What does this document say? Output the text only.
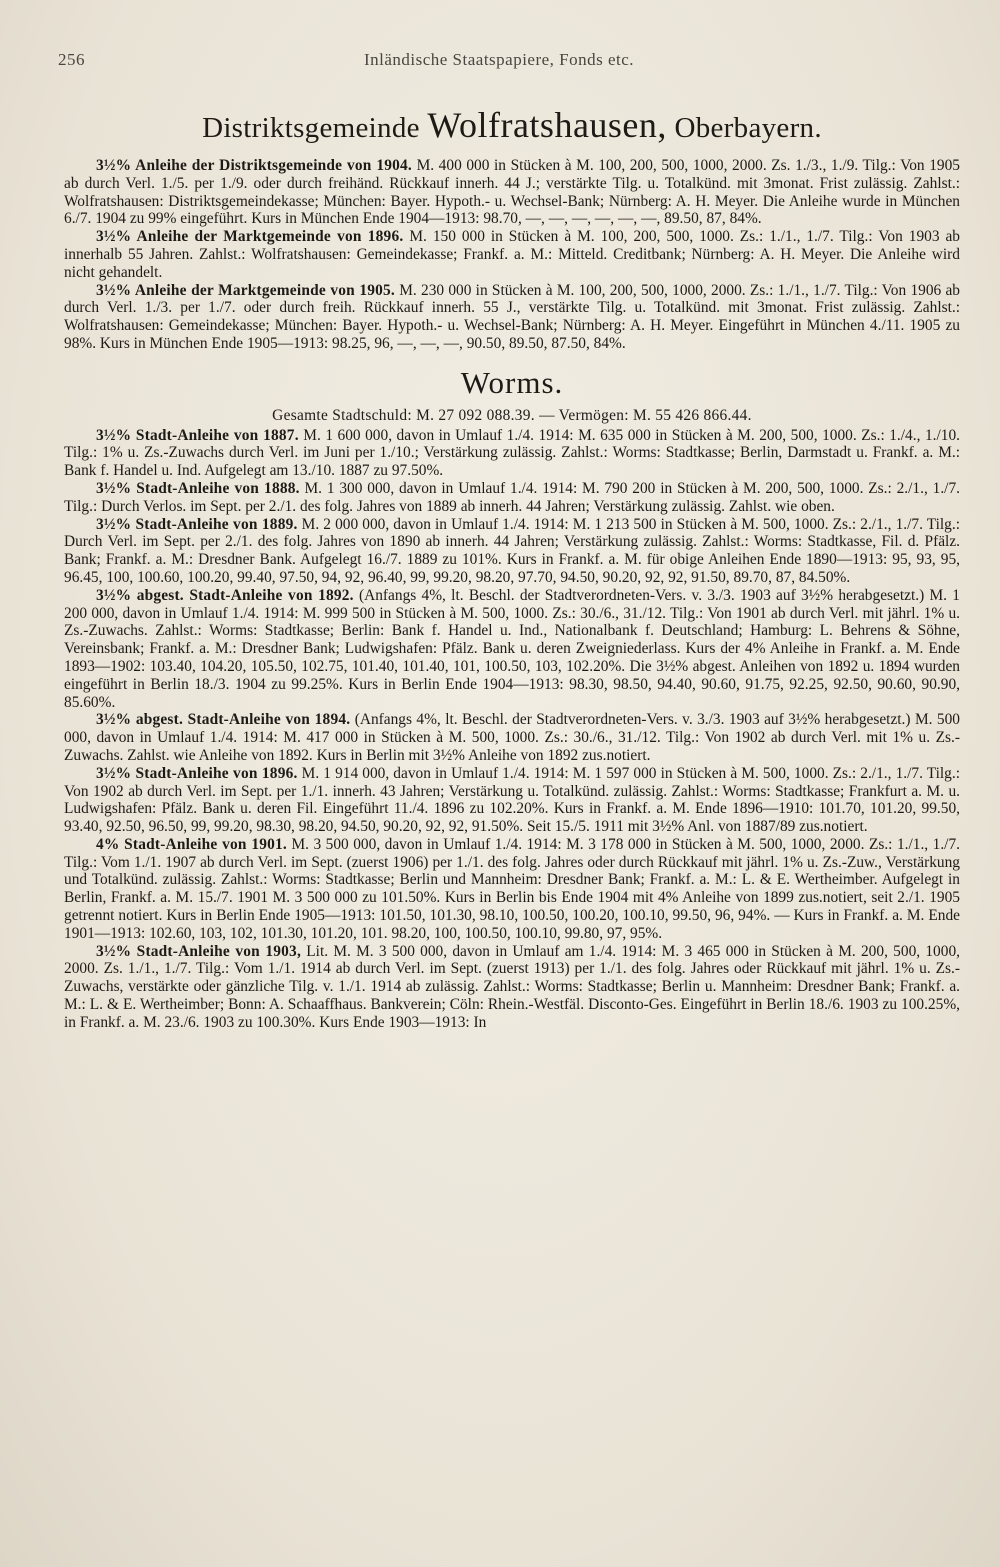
256	Inländische Staatspapiere, Fonds etc.
Distriktsgemeinde Wolfratshausen, Oberbayern.

3½% Anleihe der Distriktsgemeinde von 1904. M. 400 000 in Stücken à M. 100, 200, 500, 1000, 2000. Zs. 1./3., 1./9. Tilg.: Von 1905 ab durch Verl. 1./5. per 1./9. oder durch freihänd. Rückkauf innerh. 44 J.; verstärkte Tilg. u. Totalkünd. mit 3monat. Frist zulässig. Zahlst.: Wolfratshausen: Distriktsgemeindekasse; München: Bayer. Hypoth.- u. Wechsel-Bank; Nürnberg: A. H. Meyer. Die Anleihe wurde in München 6./7. 1904 zu 99% eingeführt. Kurs in München Ende 1904—1913: 98.70, —, —, —, —, —, —, 89.50, 87, 84%.

3½% Anleihe der Marktgemeinde von 1896. M. 150 000 in Stücken à M. 100, 200, 500, 1000. Zs.: 1./1., 1./7. Tilg.: Von 1903 ab innerhalb 55 Jahren. Zahlst.: Wolfratshausen: Gemeindekasse; Frankf. a. M.: Mitteld. Creditbank; Nürnberg: A. H. Meyer. Die Anleihe wird nicht gehandelt.

3½% Anleihe der Marktgemeinde von 1905. M. 230 000 in Stücken à M. 100, 200, 500, 1000, 2000. Zs.: 1./1., 1./7. Tilg.: Von 1906 ab durch Verl. 1./3. per 1./7. oder durch freih. Rückkauf innerh. 55 J., verstärkte Tilg. u. Totalkünd. mit 3monat. Frist zulässig. Zahlst.: Wolfratshausen: Gemeindekasse; München: Bayer. Hypoth.- u. Wechsel-Bank; Nürnberg: A. H. Meyer. Eingeführt in München 4./11. 1905 zu 98%. Kurs in München Ende 1905—1913: 98.25, 96, —, —, —, 90.50, 89.50, 87.50, 84%.

Worms.
Gesamte Stadtschuld: M. 27 092 088.39. — Vermögen: M. 55 426 866.44.

3½% Stadt-Anleihe von 1887. M. 1 600 000, davon in Umlauf 1./4. 1914: M. 635 000 in Stücken à M. 200, 500, 1000. Zs.: 1./4., 1./10. Tilg.: 1% u. Zs.-Zuwachs durch Verl. im Juni per 1./10.; Verstärkung zulässig. Zahlst.: Worms: Stadtkasse; Berlin, Darmstadt u. Frankf. a. M.: Bank f. Handel u. Ind. Aufgelegt am 13./10. 1887 zu 97.50%.

3½% Stadt-Anleihe von 1888. M. 1 300 000, davon in Umlauf 1./4. 1914: M. 790 200 in Stücken à M. 200, 500, 1000. Zs.: 2./1., 1./7. Tilg.: Durch Verlos. im Sept. per 2./1. des folg. Jahres von 1889 ab innerh. 44 Jahren; Verstärkung zulässig. Zahlst. wie oben.

3½% Stadt-Anleihe von 1889. M. 2 000 000, davon in Umlauf 1./4. 1914: M. 1 213 500 in Stücken à M. 500, 1000. Zs.: 2./1., 1./7. Tilg.: Durch Verl. im Sept. per 2./1. des folg. Jahres von 1890 ab innerh. 44 Jahren; Verstärkung zulässig. Zahlst.: Worms: Stadtkasse, Fil. d. Pfälz. Bank; Frankf. a. M.: Dresdner Bank. Aufgelegt 16./7. 1889 zu 101%. Kurs in Frankf. a. M. für obige Anleihen Ende 1890—1913: 95, 93, 95, 96.45, 100, 100.60, 100.20, 99.40, 97.50, 94, 92, 96.40, 99, 99.20, 98.20, 97.70, 94.50, 90.20, 92, 92, 91.50, 89.70, 87, 84.50%.

3½% abgest. Stadt-Anleihe von 1892. (Anfangs 4%, lt. Beschl. der Stadtverordneten-Vers. v. 3./3. 1903 auf 3½% herabgesetzt.) M. 1 200 000, davon in Umlauf 1./4. 1914: M. 999 500 in Stücken à M. 500, 1000. Zs.: 30./6., 31./12. Tilg.: Von 1901 ab durch Verl. mit jährl. 1% u. Zs.-Zuwachs. Zahlst.: Worms: Stadtkasse; Berlin: Bank f. Handel u. Ind., Nationalbank f. Deutschland; Hamburg: L. Behrens & Söhne, Vereinsbank; Frankf. a. M.: Dresdner Bank; Ludwigshafen: Pfälz. Bank u. deren Zweigniederlass. Kurs der 4% Anleihe in Frankf. a. M. Ende 1893—1902: 103.40, 104.20, 105.50, 102.75, 101.40, 101.40, 101, 100.50, 103, 102.20%. Die 3½% abgest. Anleihen von 1892 u. 1894 wurden eingeführt in Berlin 18./3. 1904 zu 99.25%. Kurs in Berlin Ende 1904—1913: 98.30, 98.50, 94.40, 90.60, 91.75, 92.25, 92.50, 90.60, 90.90, 85.60%.

3½% abgest. Stadt-Anleihe von 1894. (Anfangs 4%, lt. Beschl. der Stadtverordneten-Vers. v. 3./3. 1903 auf 3½% herabgesetzt.) M. 500 000, davon in Umlauf 1./4. 1914: M. 417 000 in Stücken à M. 500, 1000. Zs.: 30./6., 31./12. Tilg.: Von 1902 ab durch Verl. mit 1% u. Zs.-Zuwachs. Zahlst. wie Anleihe von 1892. Kurs in Berlin mit 3½% Anleihe von 1892 zus.notiert.

3½% Stadt-Anleihe von 1896. M. 1 914 000, davon in Umlauf 1./4. 1914: M. 1 597 000 in Stücken à M. 500, 1000. Zs.: 2./1., 1./7. Tilg.: Von 1902 ab durch Verl. im Sept. per 1./1. innerh. 43 Jahren; Verstärkung u. Totalkünd. zulässig. Zahlst.: Worms: Stadtkasse; Frankfurt a. M. u. Ludwigshafen: Pfälz. Bank u. deren Fil. Eingeführt 11./4. 1896 zu 102.20%. Kurs in Frankf. a. M. Ende 1896—1910: 101.70, 101.20, 99.50, 93.40, 92.50, 96.50, 99, 99.20, 98.30, 98.20, 94.50, 90.20, 92, 92, 91.50%. Seit 15./5. 1911 mit 3½% Anl. von 1887/89 zus.notiert.

4% Stadt-Anleihe von 1901. M. 3 500 000, davon in Umlauf 1./4. 1914: M. 3 178 000 in Stücken à M. 500, 1000, 2000. Zs.: 1./1., 1./7. Tilg.: Vom 1./1. 1907 ab durch Verl. im Sept. (zuerst 1906) per 1./1. des folg. Jahres oder durch Rückkauf mit jährl. 1% u. Zs.-Zuw., Verstärkung und Totalkünd. zulässig. Zahlst.: Worms: Stadtkasse; Berlin und Mannheim: Dresdner Bank; Frankf. a. M.: L. & E. Wertheimber. Aufgelegt in Berlin, Frankf. a. M. 15./7. 1901 M. 3 500 000 zu 101.50%. Kurs in Berlin bis Ende 1904 mit 4% Anleihe von 1899 zus.notiert, seit 2./1. 1905 getrennt notiert. Kurs in Berlin Ende 1905—1913: 101.50, 101.30, 98.10, 100.50, 100.20, 100.10, 99.50, 96, 94%. — Kurs in Frankf. a. M. Ende 1901—1913: 102.60, 103, 102, 101.30, 101.20, 101. 98.20, 100, 100.50, 100.10, 99.80, 97, 95%.

3½% Stadt-Anleihe von 1903, Lit. M. M. 3 500 000, davon in Umlauf am 1./4. 1914: M. 3 465 000 in Stücken à M. 200, 500, 1000, 2000. Zs. 1./1., 1./7. Tilg.: Vom 1./1. 1914 ab durch Verl. im Sept. (zuerst 1913) per 1./1. des folg. Jahres oder Rückkauf mit jährl. 1% u. Zs.-Zuwachs, verstärkte oder gänzliche Tilg. v. 1./1. 1914 ab zulässig. Zahlst.: Worms: Stadtkasse; Berlin u. Mannheim: Dresdner Bank; Frankf. a. M.: L. & E. Wertheimber; Bonn: A. Schaaffhaus. Bankverein; Cöln: Rhein.-Westfäl. Disconto-Ges. Eingeführt in Berlin 18./6. 1903 zu 100.25%, in Frankf. a. M. 23./6. 1903 zu 100.30%. Kurs Ende 1903—1913: In
